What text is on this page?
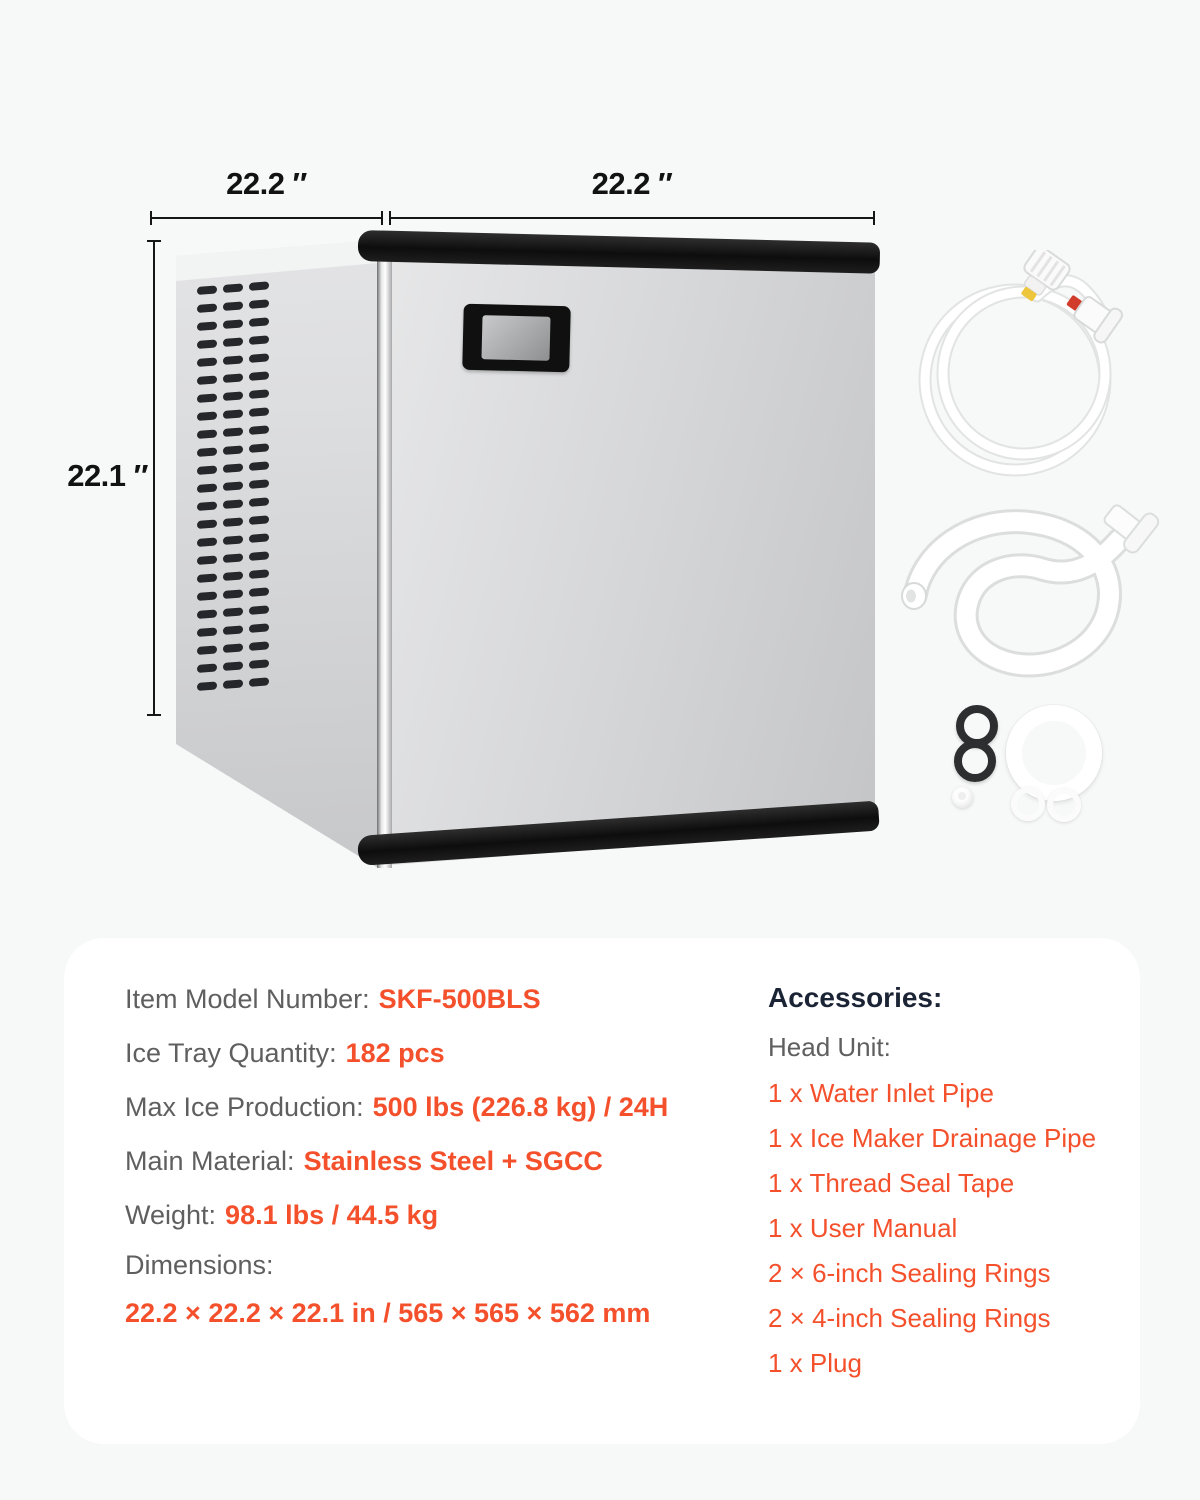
22.2 ″	22.2 ″
22.1 ″
Item Model Number: SKF-500BLS
Ice Tray Quantity: 182 pcs
Max Ice Production: 500 lbs (226.8 kg) / 24H
Main Material: Stainless Steel + SGCC
Weight: 98.1 lbs / 44.5 kg
Dimensions:
22.2 × 22.2 × 22.1 in / 565 × 565 × 562 mm
Accessories:
Head Unit:
1 x Water Inlet Pipe
1 x Ice Maker Drainage Pipe
1 x Thread Seal Tape
1 x User Manual
2 × 6-inch Sealing Rings
2 × 4-inch Sealing Rings
1 x Plug
